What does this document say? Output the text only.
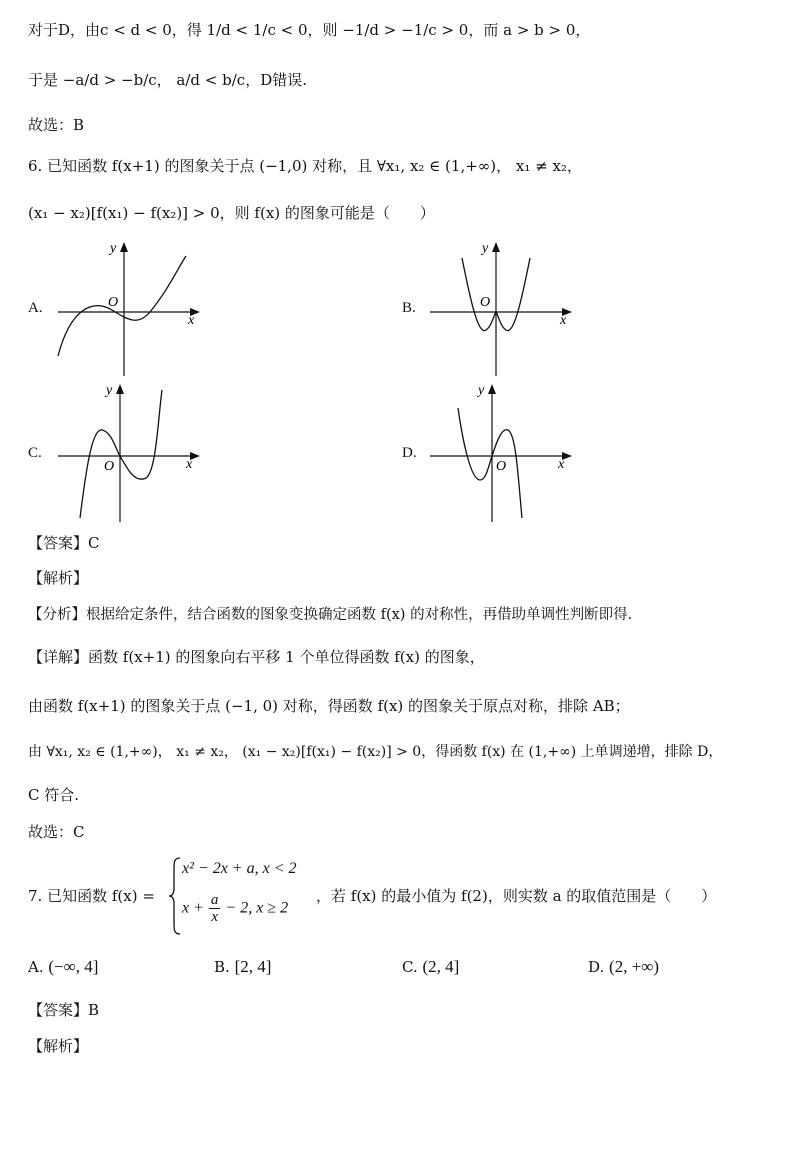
对于D，由c < d < 0，得 1/d < 1/c < 0，则 −1/d > −1/c > 0，而 a > b > 0，
于是 −a/d > −b/c， a/d < b/c，D错误.
故选：B
6. 已知函数 f(x+1) 的图象关于点 (−1,0) 对称，且 ∀x₁, x₂ ∈ (1,+∞)， x₁ ≠ x₂，
(x₁ − x₂)[f(x₁) − f(x₂)] > 0，则 f(x) 的图象可能是（　　）
A.	O
x
y
B.	O
x
y
C.
O	x
y
D.
O	x
y
【答案】C
【解析】
【分析】根据给定条件，结合函数的图象变换确定函数 f(x) 的对称性，再借助单调性判断即得.
【详解】函数 f(x+1) 的图象向右平移 1 个单位得函数 f(x) 的图象，
由函数 f(x+1) 的图象关于点 (−1, 0) 对称，得函数 f(x) 的图象关于原点对称，排除 AB；
由 ∀x₁, x₂ ∈ (1,+∞)， x₁ ≠ x₂， (x₁ − x₂)[f(x₁) − f(x₂)] > 0，得函数 f(x) 在 (1,+∞) 上单调递增，排除 D，
C 符合.
故选：C
7. 已知函数 f(x) =
x² − 2x + a, x < 2
$x + \frac{a}{x} - 2$, x ≥ 2
，若 f(x) 的最小值为 f(2)，则实数 a 的取值范围是（　　）
A. (−∞, 4]	B. [2, 4]	C. (2, 4]	D. (2, +∞)
【答案】B
【解析】
